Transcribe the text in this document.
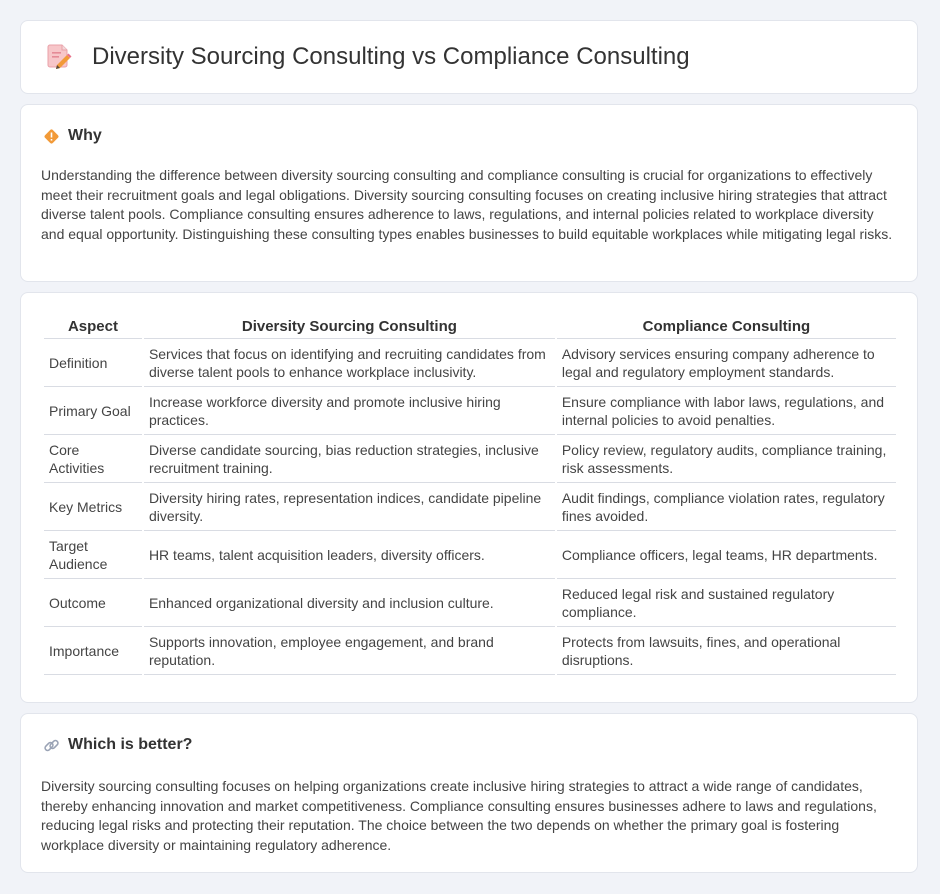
Diversity Sourcing Consulting vs Compliance Consulting
Why
Understanding the difference between diversity sourcing consulting and compliance consulting is crucial for organizations to effectively meet their recruitment goals and legal obligations. Diversity sourcing consulting focuses on creating inclusive hiring strategies that attract diverse talent pools. Compliance consulting ensures adherence to laws, regulations, and internal policies related to workplace diversity and equal opportunity. Distinguishing these consulting types enables businesses to build equitable workplaces while mitigating legal risks.
Aspect	Diversity Sourcing Consulting	Compliance Consulting
Definition	Services that focus on identifying and recruiting candidates from diverse talent pools to enhance workplace inclusivity.	Advisory services ensuring company adherence to legal and regulatory employment standards.
Primary Goal	Increase workforce diversity and promote inclusive hiring practices.	Ensure compliance with labor laws, regulations, and internal policies to avoid penalties.
Core Activities	Diverse candidate sourcing, bias reduction strategies, inclusive recruitment training.	Policy review, regulatory audits, compliance training, risk assessments.
Key Metrics	Diversity hiring rates, representation indices, candidate pipeline diversity.	Audit findings, compliance violation rates, regulatory fines avoided.
Target Audience	HR teams, talent acquisition leaders, diversity officers.	Compliance officers, legal teams, HR departments.
Outcome	Enhanced organizational diversity and inclusion culture.	Reduced legal risk and sustained regulatory compliance.
Importance	Supports innovation, employee engagement, and brand reputation.	Protects from lawsuits, fines, and operational disruptions.
Which is better?
Diversity sourcing consulting focuses on helping organizations create inclusive hiring strategies to attract a wide range of candidates, thereby enhancing innovation and market competitiveness. Compliance consulting ensures businesses adhere to laws and regulations, reducing legal risks and protecting their reputation. The choice between the two depends on whether the primary goal is fostering workplace diversity or maintaining regulatory adherence.
